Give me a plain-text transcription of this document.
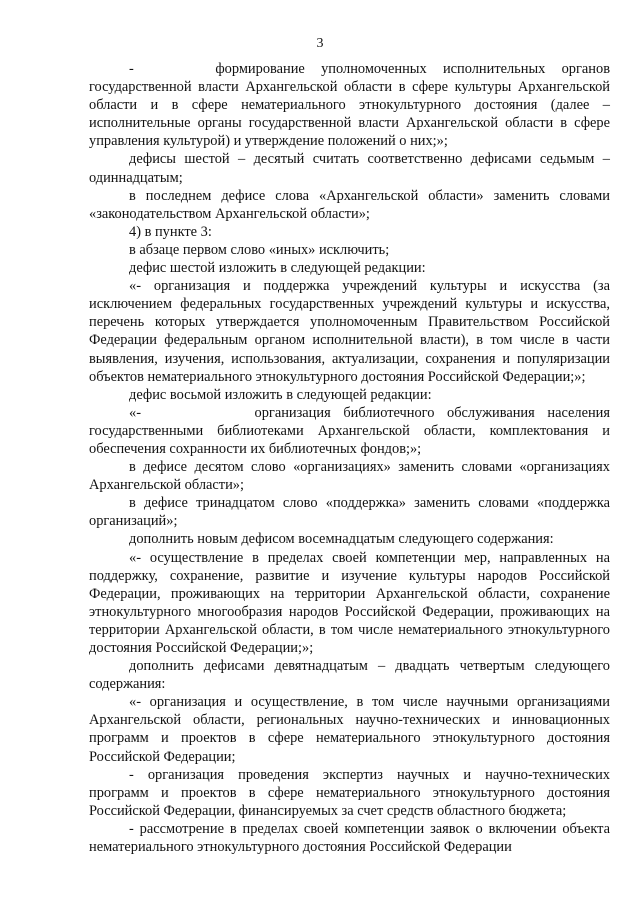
3

-     формирование уполномоченных исполнительных органов государственной власти Архангельской области в сфере культуры Архангельской области и в сфере нематериального этнокультурного достояния (далее – исполнительные органы государственной власти Архангельской области в сфере управления культурой) и утверждение положений о них;»;

дефисы шестой – десятый считать соответственно дефисами седьмым – одиннадцатым;

в последнем дефисе слова «Архангельской области» заменить словами «законодательством Архангельской области»;

4) в пункте 3:

в абзаце первом слово «иных» исключить;

дефис шестой изложить в следующей редакции:

«- организация и поддержка учреждений культуры и искусства (за исключением федеральных государственных учреждений культуры и искусства, перечень которых утверждается уполномоченным Правительством Российской Федерации федеральным органом исполнительной власти), в том числе в части выявления, изучения, использования, актуализации, сохранения и популяризации объектов нематериального этнокультурного достояния Российской Федерации;»;

дефис восьмой изложить в следующей редакции:

«-         организация библиотечного обслуживания населения государственными библиотеками Архангельской области, комплектования и обеспечения сохранности их библиотечных фондов;»;

в дефисе десятом слово «организациях» заменить словами «организациях Архангельской области»;

в дефисе тринадцатом слово «поддержка» заменить словами «поддержка организаций»;

дополнить новым дефисом восемнадцатым следующего содержания:

«- осуществление в пределах своей компетенции мер, направленных на поддержку, сохранение, развитие и изучение культуры народов Российской Федерации, проживающих на территории Архангельской области, сохранение этнокультурного многообразия народов Российской Федерации, проживающих на территории Архангельской области, в том числе нематериального этнокультурного достояния Российской Федерации;»;

дополнить дефисами девятнадцатым – двадцать четвертым следующего содержания:

«- организация и осуществление, в том числе научными организациями Архангельской области, региональных научно-технических и инновационных программ и проектов в сфере нематериального этнокультурного достояния Российской Федерации;

- организация проведения экспертиз научных и научно-технических программ и проектов в сфере нематериального этнокультурного достояния Российской Федерации, финансируемых за счет средств областного бюджета;

- рассмотрение в пределах своей компетенции заявок о включении объекта нематериального этнокультурного достояния Российской Федерации
